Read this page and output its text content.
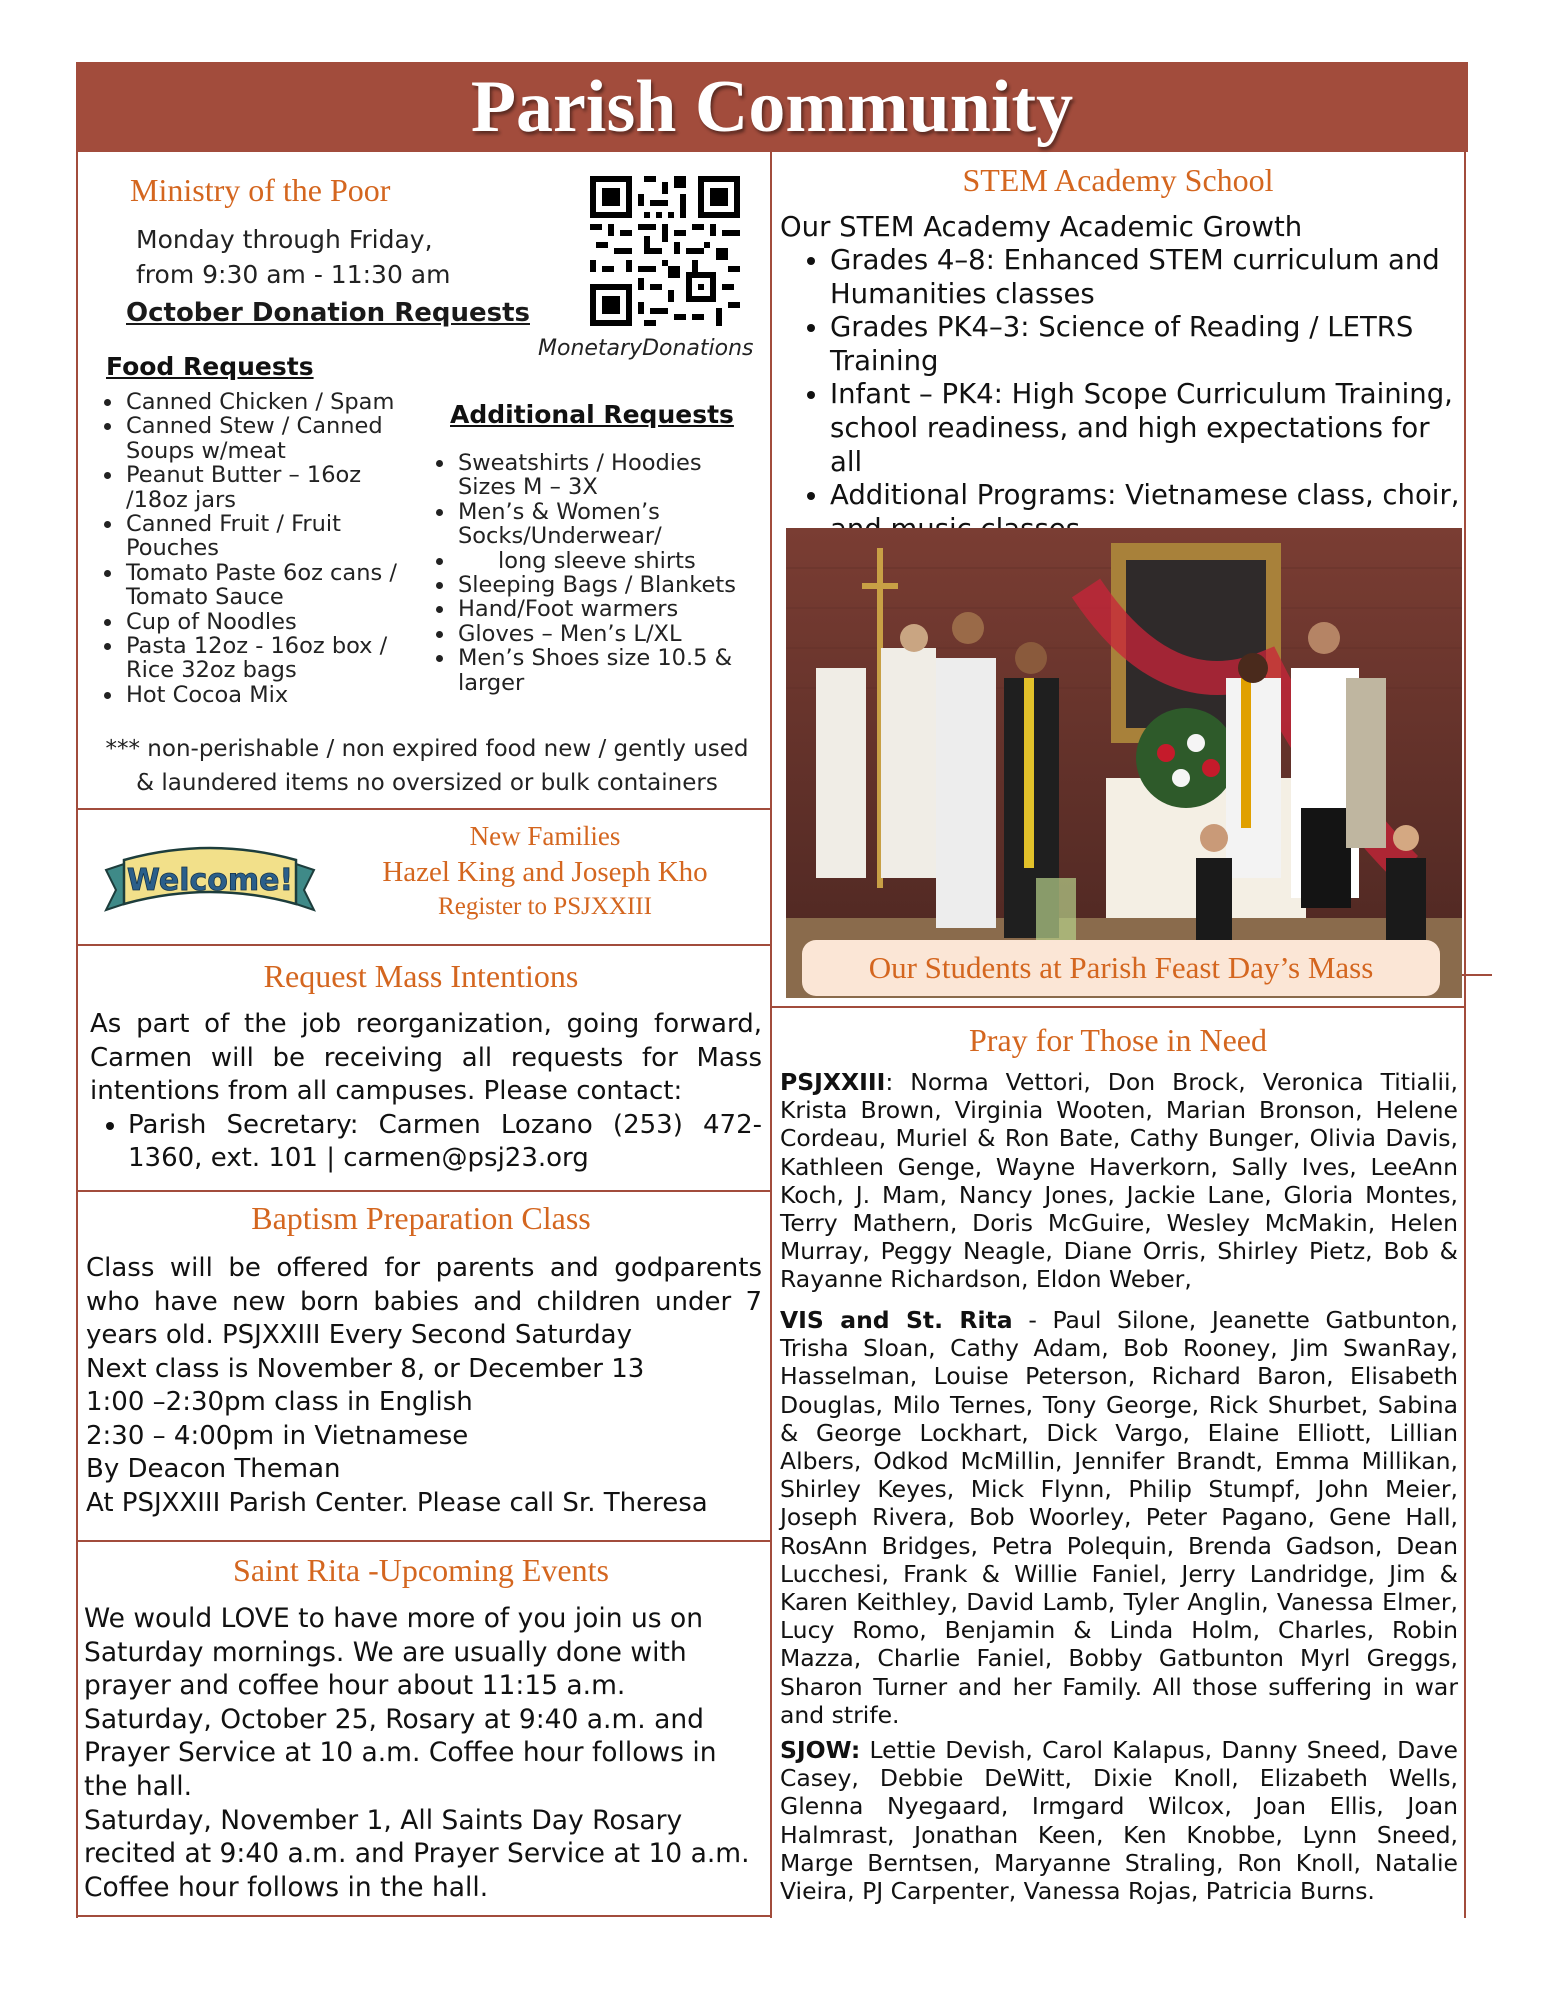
Parish Community
Ministry of the Poor
Monday through Friday,
from 9:30 am - 11:30 am
October Donation Requests
MonetaryDonations
Food Requests
• Canned Chicken / Spam
• Canned Stew / Canned Soups w/meat
• Peanut Butter – 16oz /18oz jars
• Canned Fruit / Fruit Pouches
• Tomato Paste 6oz cans / Tomato Sauce
• Cup of Noodles
• Pasta 12oz - 16oz box / Rice 32oz bags
• Hot Cocoa Mix
Additional Requests
• Sweatshirts / Hoodies Sizes M – 3X
• Men’s & Women’s Socks/Underwear/
• long sleeve shirts
• Sleeping Bags / Blankets
• Hand/Foot warmers
• Gloves – Men’s L/XL
• Men’s Shoes size 10.5 & larger
*** non-perishable / non expired food new / gently used & laundered items no oversized or bulk containers
Welcome!
New Families
Hazel King and Joseph Kho
Register to PSJXXIII
Request Mass Intentions
As part of the job reorganization, going forward, Carmen will be receiving all requests for Mass intentions from all campuses. Please contact:
• Parish Secretary: Carmen Lozano (253) 472-1360, ext. 101 | carmen@psj23.org
Baptism Preparation Class
Class will be offered for parents and godparents who have new born babies and children under 7 years old. PSJXXIII Every Second Saturday
Next class is November 8, or December 13
1:00 –2:30pm class in English
2:30 – 4:00pm in Vietnamese
By Deacon Theman
At PSJXXIII Parish Center. Please call Sr. Theresa
Saint Rita -Upcoming Events
We would LOVE to have more of you join us on Saturday mornings. We are usually done with prayer and coffee hour about 11:15 a.m.
Saturday, October 25, Rosary at 9:40 a.m. and Prayer Service at 10 a.m. Coffee hour follows in the hall.
Saturday, November 1, All Saints Day Rosary recited at 9:40 a.m. and Prayer Service at 10 a.m. Coffee hour follows in the hall.
STEM Academy School
Our STEM Academy Academic Growth
• Grades 4–8: Enhanced STEM curriculum and Humanities classes
• Grades PK4–3: Science of Reading / LETRS Training
• Infant – PK4: High Scope Curriculum Training, school readiness, and high expectations for all
• Additional Programs: Vietnamese class, choir,
Our Students at Parish Feast Day’s Mass
Pray for Those in Need
PSJXXIII: Norma Vettori, Don Brock, Veronica Titialii, Krista Brown, Virginia Wooten, Marian Bronson, Helene Cordeau, Muriel & Ron Bate, Cathy Bunger, Olivia Davis, Kathleen Genge, Wayne Haverkorn, Sally Ives, LeeAnn Koch, J. Mam, Nancy Jones, Jackie Lane, Gloria Montes, Terry Mathern, Doris McGuire, Wesley McMakin, Helen Murray, Peggy Neagle, Diane Orris, Shirley Pietz, Bob & Rayanne Richardson, Eldon Weber,
VIS and St. Rita - Paul Silone, Jeanette Gatbunton, Trisha Sloan, Cathy Adam, Bob Rooney, Jim SwanRay, Hasselman, Louise Peterson, Richard Baron, Elisabeth Douglas, Milo Ternes, Tony George, Rick Shurbet, Sabina & George Lockhart, Dick Vargo, Elaine Elliott, Lillian Albers, Odkod McMillin, Jennifer Brandt, Emma Millikan, Shirley Keyes, Mick Flynn, Philip Stumpf, John Meier, Joseph Rivera, Bob Woorley, Peter Pagano, Gene Hall, RosAnn Bridges, Petra Polequin, Brenda Gadson, Dean Lucchesi, Frank & Willie Faniel, Jerry Landridge, Jim & Karen Keithley, David Lamb, Tyler Anglin, Vanessa Elmer, Lucy Romo, Benjamin & Linda Holm, Charles, Robin Mazza, Charlie Faniel, Bobby Gatbunton Myrl Greggs, Sharon Turner and her Family. All those suffering in war and strife.
SJOW: Lettie Devish, Carol Kalapus, Danny Sneed, Dave Casey, Debbie DeWitt, Dixie Knoll, Elizabeth Wells, Glenna Nyegaard, Irmgard Wilcox, Joan Ellis, Joan Halmrast, Jonathan Keen, Ken Knobbe, Lynn Sneed, Marge Berntsen, Maryanne Straling, Ron Knoll, Natalie Vieira, PJ Carpenter, Vanessa Rojas, Patricia Burns.
